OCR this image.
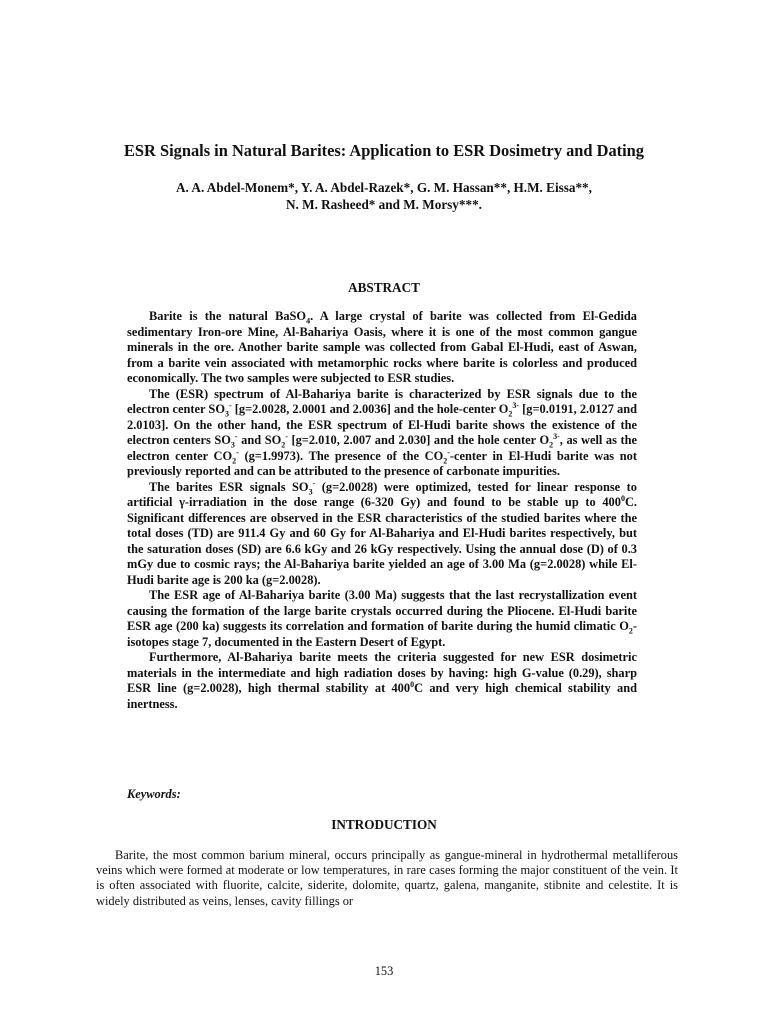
ESR Signals in Natural Barites: Application to ESR Dosimetry and Dating
A. A. Abdel-Monem*, Y. A. Abdel-Razek*, G. M. Hassan**, H.M. Eissa**,
N. M. Rasheed* and M. Morsy***.
ABSTRACT

Barite is the natural BaSO$_4$. A large crystal of barite was collected from El-Gedida sedimentary Iron-ore Mine, Al-Bahariya Oasis, where it is one of the most common gangue minerals in the ore. Another barite sample was collected from Gabal El-Hudi, east of Aswan, from a barite vein associated with metamorphic rocks where barite is colorless and produced economically. The two samples were subjected to ESR studies.

The (ESR) spectrum of Al-Bahariya barite is characterized by ESR signals due to the electron center $SO_3^-$ [g=2.0028, 2.0001 and 2.0036] and the hole-center $O_2^{3-}$ [g=0.0191, 2.0127 and 2.0103]. On the other hand, the ESR spectrum of El-Hudi barite shows the existence of the electron centers $SO_3^-$ and $SO_2^-$ [g=2.010, 2.007 and 2.030] and the hole center $O_2^{3-}$, as well as the electron center $CO_2^-$ (g=1.9973). The presence of the $CO_2^-$-center in El-Hudi barite was not previously reported and can be attributed to the presence of carbonate impurities.

The barites ESR signals $SO_3^-$ (g=2.0028) were optimized, tested for linear response to artificial γ-irradiation in the dose range (6-320 Gy) and found to be stable up to $400^0C$. Significant differences are observed in the ESR characteristics of the studied barites where the total doses (TD) are 911.4 Gy and 60 Gy for Al-Bahariya and El-Hudi barites respectively, but the saturation doses (SD) are 6.6 kGy and 26 kGy respectively. Using the annual dose (D) of 0.3 mGy due to cosmic rays; the Al-Bahariya barite yielded an age of 3.00 Ma (g=2.0028) while El-Hudi barite age is 200 ka (g=2.0028).

The ESR age of Al-Bahariya barite (3.00 Ma) suggests that the last recrystallization event causing the formation of the large barite crystals occurred during the Pliocene. El-Hudi barite ESR age (200 ka) suggests its correlation and formation of barite during the humid climatic $O_2$-isotopes stage 7, documented in the Eastern Desert of Egypt.

Furthermore, Al-Bahariya barite meets the criteria suggested for new ESR dosimetric materials in the intermediate and high radiation doses by having: high G-value (0.29), sharp ESR line (g=2.0028), high thermal stability at $400^0C$ and very high chemical stability and inertness.

Keywords:
INTRODUCTION

Barite, the most common barium mineral, occurs principally as gangue-mineral in hydrothermal metalliferous veins which were formed at moderate or low temperatures, in rare cases forming the major constituent of the vein. It is often associated with fluorite, calcite, siderite, dolomite, quartz, galena, manganite, stibnite and celestite. It is widely distributed as veins, lenses, cavity fillings or

153
